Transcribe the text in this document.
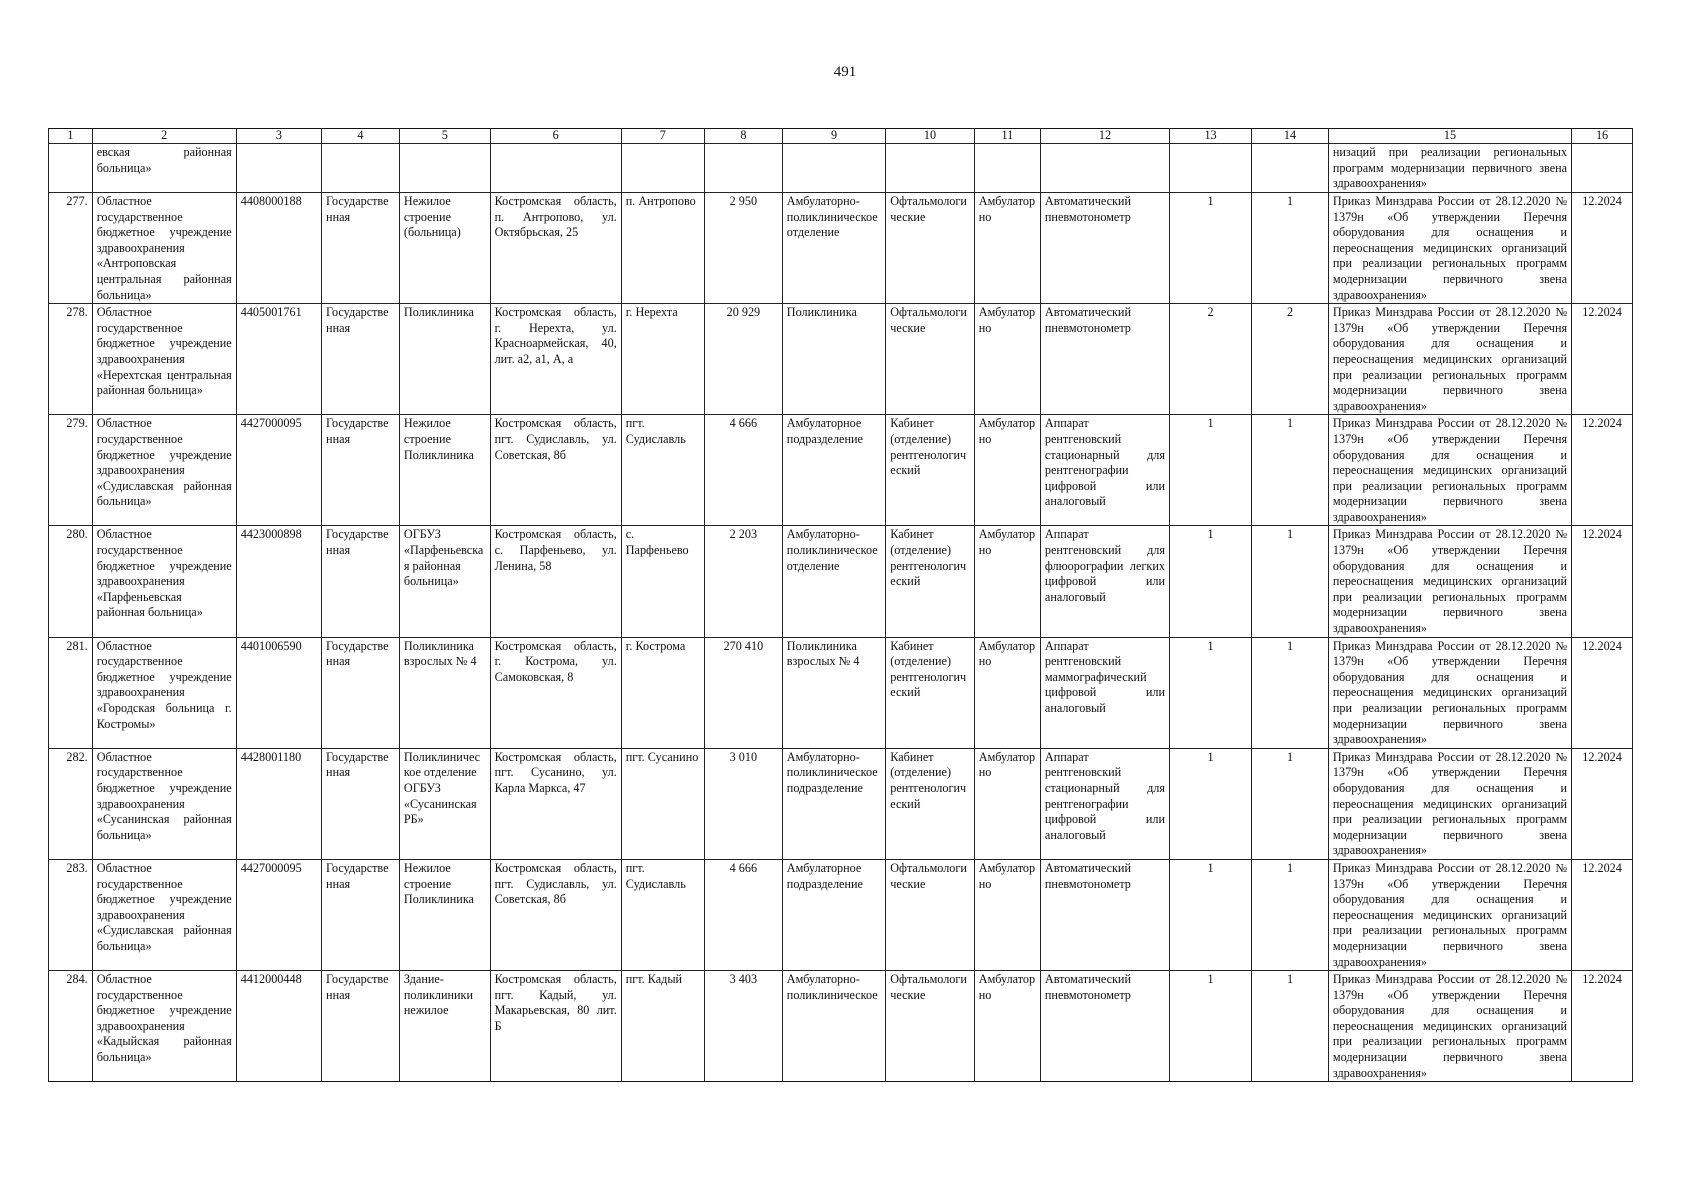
491
1	2	3	4	5	6	7	8	9	10	11	12	13	14	15	16
	евская районная больница»													низаций при реализации региональных программ модернизации первичного звена здравоохранения»	
277.	Областное государственное бюджетное учреждение здравоохранения «Антроповская центральная районная больница»	4408000188	Государственная	Нежилое строение (больница)	Костромская область, п. Антропово, ул. Октябрьская, 25	п. Антропово	2 950	Амбулаторно-поликлиническое отделение	Офтальмологические	Амбулаторно	Автоматический пневмотонометр	1	1	Приказ Минздрава России от 28.12.2020 № 1379н «Об утверждении Перечня оборудования для оснащения и переоснащения медицинских организаций при реализации региональных программ модернизации первичного звена здравоохранения»	12.2024
278.	Областное государственное бюджетное учреждение здравоохранения «Нерехтская центральная районная больница»	4405001761	Государственная	Поликлиника	Костромская область, г. Нерехта, ул. Красноармейская, 40, лит. а2, а1, А, а	г. Нерехта	20 929	Поликлиника	Офтальмологические	Амбулаторно	Автоматический пневмотонометр	2	2	Приказ Минздрава России от 28.12.2020 № 1379н «Об утверждении Перечня оборудования для оснащения и переоснащения медицинских организаций при реализации региональных программ модернизации первичного звена здравоохранения»	12.2024
279.	Областное государственное бюджетное учреждение здравоохранения «Судиславская районная больница»	4427000095	Государственная	Нежилое строение Поликлиника	Костромская область, пгт. Судиславль, ул. Советская, 8б	пгт. Судиславль	4 666	Амбулаторное подразделение	Кабинет (отделение) рентгенологический	Амбулаторно	Аппарат рентгеновский стационарный для рентгенографии цифровой или аналоговый	1	1	Приказ Минздрава России от 28.12.2020 № 1379н «Об утверждении Перечня оборудования для оснащения и переоснащения медицинских организаций при реализации региональных программ модернизации первичного звена здравоохранения»	12.2024
280.	Областное государственное бюджетное учреждение здравоохранения «Парфеньевская районная больница»	4423000898	Государственная	ОГБУЗ «Парфеньевская районная больница»	Костромская область, с. Парфеньево, ул. Ленина, 58	с. Парфеньево	2 203	Амбулаторно-поликлиническое отделение	Кабинет (отделение) рентгенологический	Амбулаторно	Аппарат рентгеновский для флюорографии легких цифровой или аналоговый	1	1	Приказ Минздрава России от 28.12.2020 № 1379н «Об утверждении Перечня оборудования для оснащения и переоснащения медицинских организаций при реализации региональных программ модернизации первичного звена здравоохранения»	12.2024
281.	Областное государственное бюджетное учреждение здравоохранения «Городская больница г. Костромы»	4401006590	Государственная	Поликлиника взрослых № 4	Костромская область, г. Кострома, ул. Самоковская, 8	г. Кострома	270 410	Поликлиника взрослых № 4	Кабинет (отделение) рентгенологический	Амбулаторно	Аппарат рентгеновский маммографический цифровой или аналоговый	1	1	Приказ Минздрава России от 28.12.2020 № 1379н «Об утверждении Перечня оборудования для оснащения и переоснащения медицинских организаций при реализации региональных программ модернизации первичного звена здравоохранения»	12.2024
282.	Областное государственное бюджетное учреждение здравоохранения «Сусанинская районная больница»	4428001180	Государственная	Поликлиническое отделение ОГБУЗ «Сусанинская РБ»	Костромская область, пгт. Сусанино, ул. Карла Маркса, 47	пгт. Сусанино	3 010	Амбулаторно-поликлиническое подразделение	Кабинет (отделение) рентгенологический	Амбулаторно	Аппарат рентгеновский стационарный для рентгенографии цифровой или аналоговый	1	1	Приказ Минздрава России от 28.12.2020 № 1379н «Об утверждении Перечня оборудования для оснащения и переоснащения медицинских организаций при реализации региональных программ модернизации первичного звена здравоохранения»	12.2024
283.	Областное государственное бюджетное учреждение здравоохранения «Судиславская районная больница»	4427000095	Государственная	Нежилое строение Поликлиника	Костромская область, пгт. Судиславль, ул. Советская, 8б	пгт. Судиславль	4 666	Амбулаторное подразделение	Офтальмологические	Амбулаторно	Автоматический пневмотонометр	1	1	Приказ Минздрава России от 28.12.2020 № 1379н «Об утверждении Перечня оборудования для оснащения и переоснащения медицинских организаций при реализации региональных программ модернизации первичного звена здравоохранения»	12.2024
284.	Областное государственное бюджетное учреждение здравоохранения «Кадыйская районная больница»	4412000448	Государственная	Здание-поликлиники нежилое	Костромская область, пгт. Кадый, ул. Макарьевская, 80 лит. Б	пгт. Кадый	3 403	Амбулаторно-поликлиническое	Офтальмологические	Амбулаторно	Автоматический пневмотонометр	1	1	Приказ Минздрава России от 28.12.2020 № 1379н «Об утверждении Перечня оборудования для оснащения и переоснащения медицинских организаций при реализации региональных программ модернизации первичного звена здравоохранения»	12.2024
